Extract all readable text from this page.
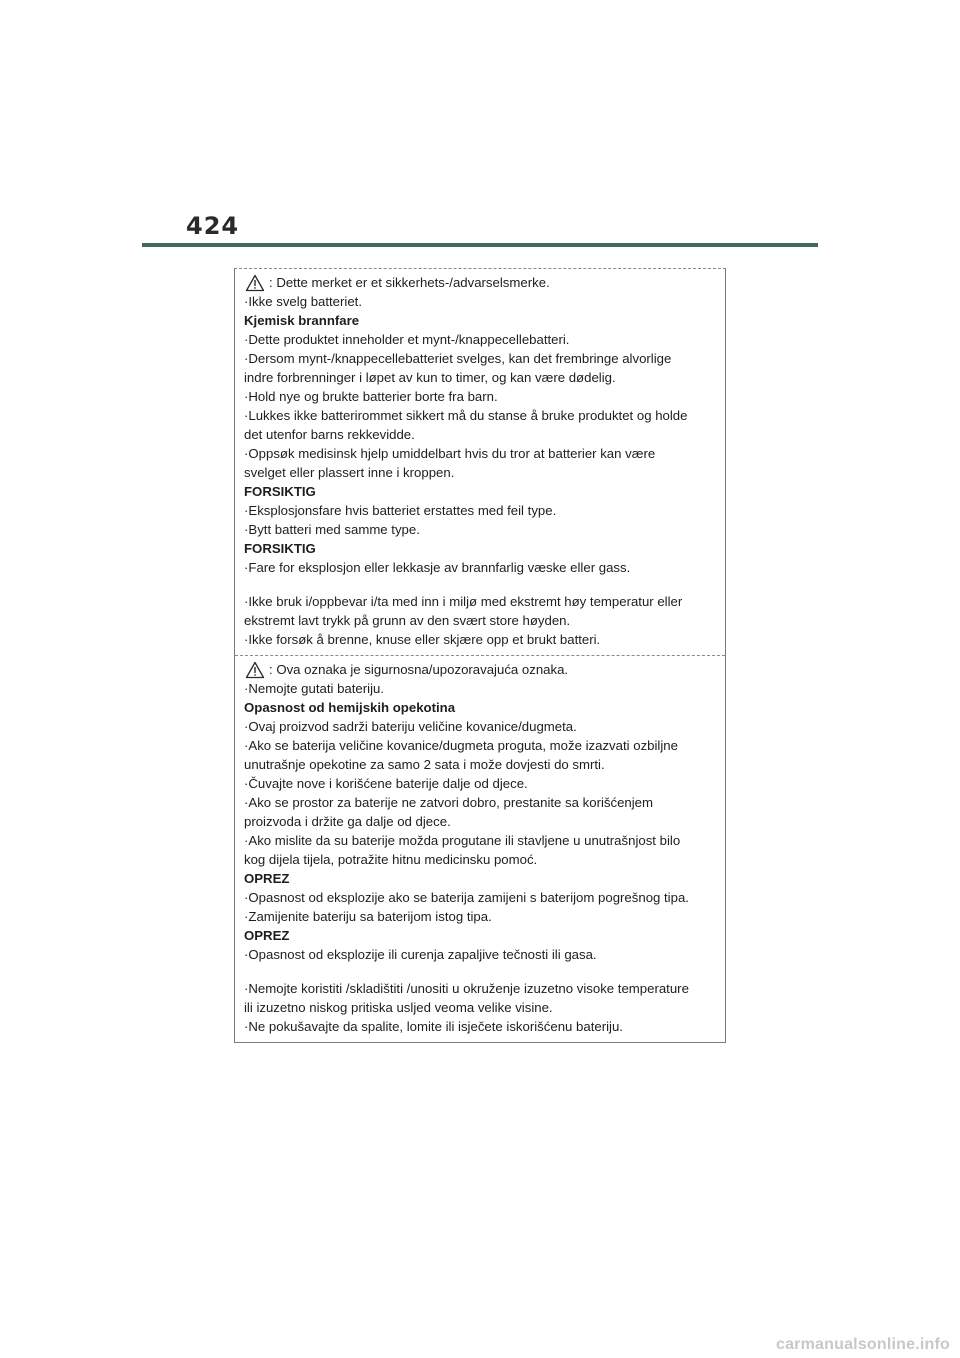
424
: Dette merket er et sikkerhets-/advarselsmerke.
·Ikke svelg batteriet.
Kjemisk brannfare
·Dette produktet inneholder et mynt-/knappecellebatteri.
·Dersom mynt-/knappecellebatteriet svelges, kan det frembringe alvorlige
indre forbrenninger i løpet av kun to timer, og kan være dødelig.
·Hold nye og brukte batterier borte fra barn.
·Lukkes ikke batterirommet sikkert må du stanse å bruke produktet og holde
det utenfor barns rekkevidde.
·Oppsøk medisinsk hjelp umiddelbart hvis du tror at batterier kan være
svelget eller plassert inne i kroppen.
FORSIKTIG
·Eksplosjonsfare hvis batteriet erstattes med feil type.
·Bytt batteri med samme type.
FORSIKTIG
·Fare for eksplosjon eller lekkasje av brannfarlig væske eller gass.
·Ikke bruk i/oppbevar i/ta med inn i miljø med ekstremt høy temperatur eller
ekstremt lavt trykk på grunn av den svært store høyden.
·Ikke forsøk å brenne, knuse eller skjære opp et brukt batteri.
: Ova oznaka je sigurnosna/upozoravajuća oznaka.
·Nemojte gutati bateriju.
Opasnost od hemijskih opekotina
·Ovaj proizvod sadrži bateriju veličine kovanice/dugmeta.
·Ako se baterija veličine kovanice/dugmeta proguta, može izazvati ozbiljne
unutrašnje opekotine za samo 2 sata i može dovjesti do smrti.
·Čuvajte nove i korišćene baterije dalje od djece.
·Ako se prostor za baterije ne zatvori dobro, prestanite sa korišćenjem
proizvoda i držite ga dalje od djece.
·Ako mislite da su baterije možda progutane ili stavljene u unutrašnjost bilo
kog dijela tijela, potražite hitnu medicinsku pomoć.
OPREZ
·Opasnost od eksplozije ako se baterija zamijeni s baterijom pogrešnog tipa.
·Zamijenite bateriju sa baterijom istog tipa.
OPREZ
·Opasnost od eksplozije ili curenja zapaljive tečnosti ili gasa.
·Nemojte koristiti /skladištiti /unositi u okruženje izuzetno visoke temperature
ili izuzetno niskog pritiska usljed veoma velike visine.
·Ne pokušavajte da spalite, lomite ili isječete iskorišćenu bateriju.
carmanualsonline.info
